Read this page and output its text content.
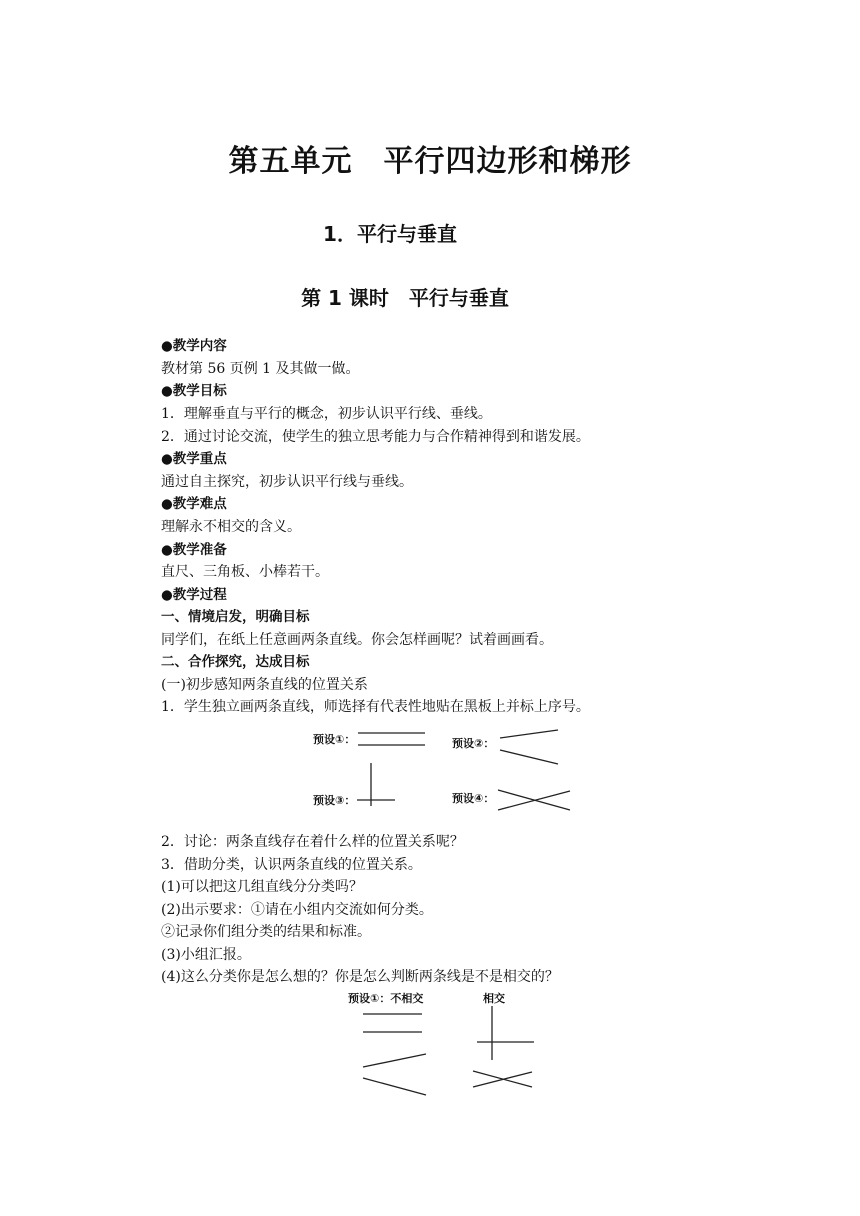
第五单元　平行四边形和梯形
1．平行与垂直
第 1 课时　平行与垂直
●教学内容
教材第 56 页例 1 及其做一做。
●教学目标
1．理解垂直与平行的概念，初步认识平行线、垂线。
2．通过讨论交流，使学生的独立思考能力与合作精神得到和谐发展。
●教学重点
通过自主探究，初步认识平行线与垂线。
●教学难点
理解永不相交的含义。
●教学准备
直尺、三角板、小棒若干。
●教学过程
一、情境启发，明确目标
同学们，在纸上任意画两条直线。你会怎样画呢？试着画画看。
二、合作探究，达成目标
(一)初步感知两条直线的位置关系
1．学生独立画两条直线，师选择有代表性地贴在黑板上并标上序号。
预设①：	预设②：
预设③：	预设④：
2．讨论：两条直线存在着什么样的位置关系呢？
3．借助分类，认识两条直线的位置关系。
(1)可以把这几组直线分分类吗？
(2)出示要求：①请在小组内交流如何分类。
②记录你们组分类的结果和标准。
(3)小组汇报。
(4)这么分类你是怎么想的？你是怎么判断两条线是不是相交的？
预设①：不相交	相交
